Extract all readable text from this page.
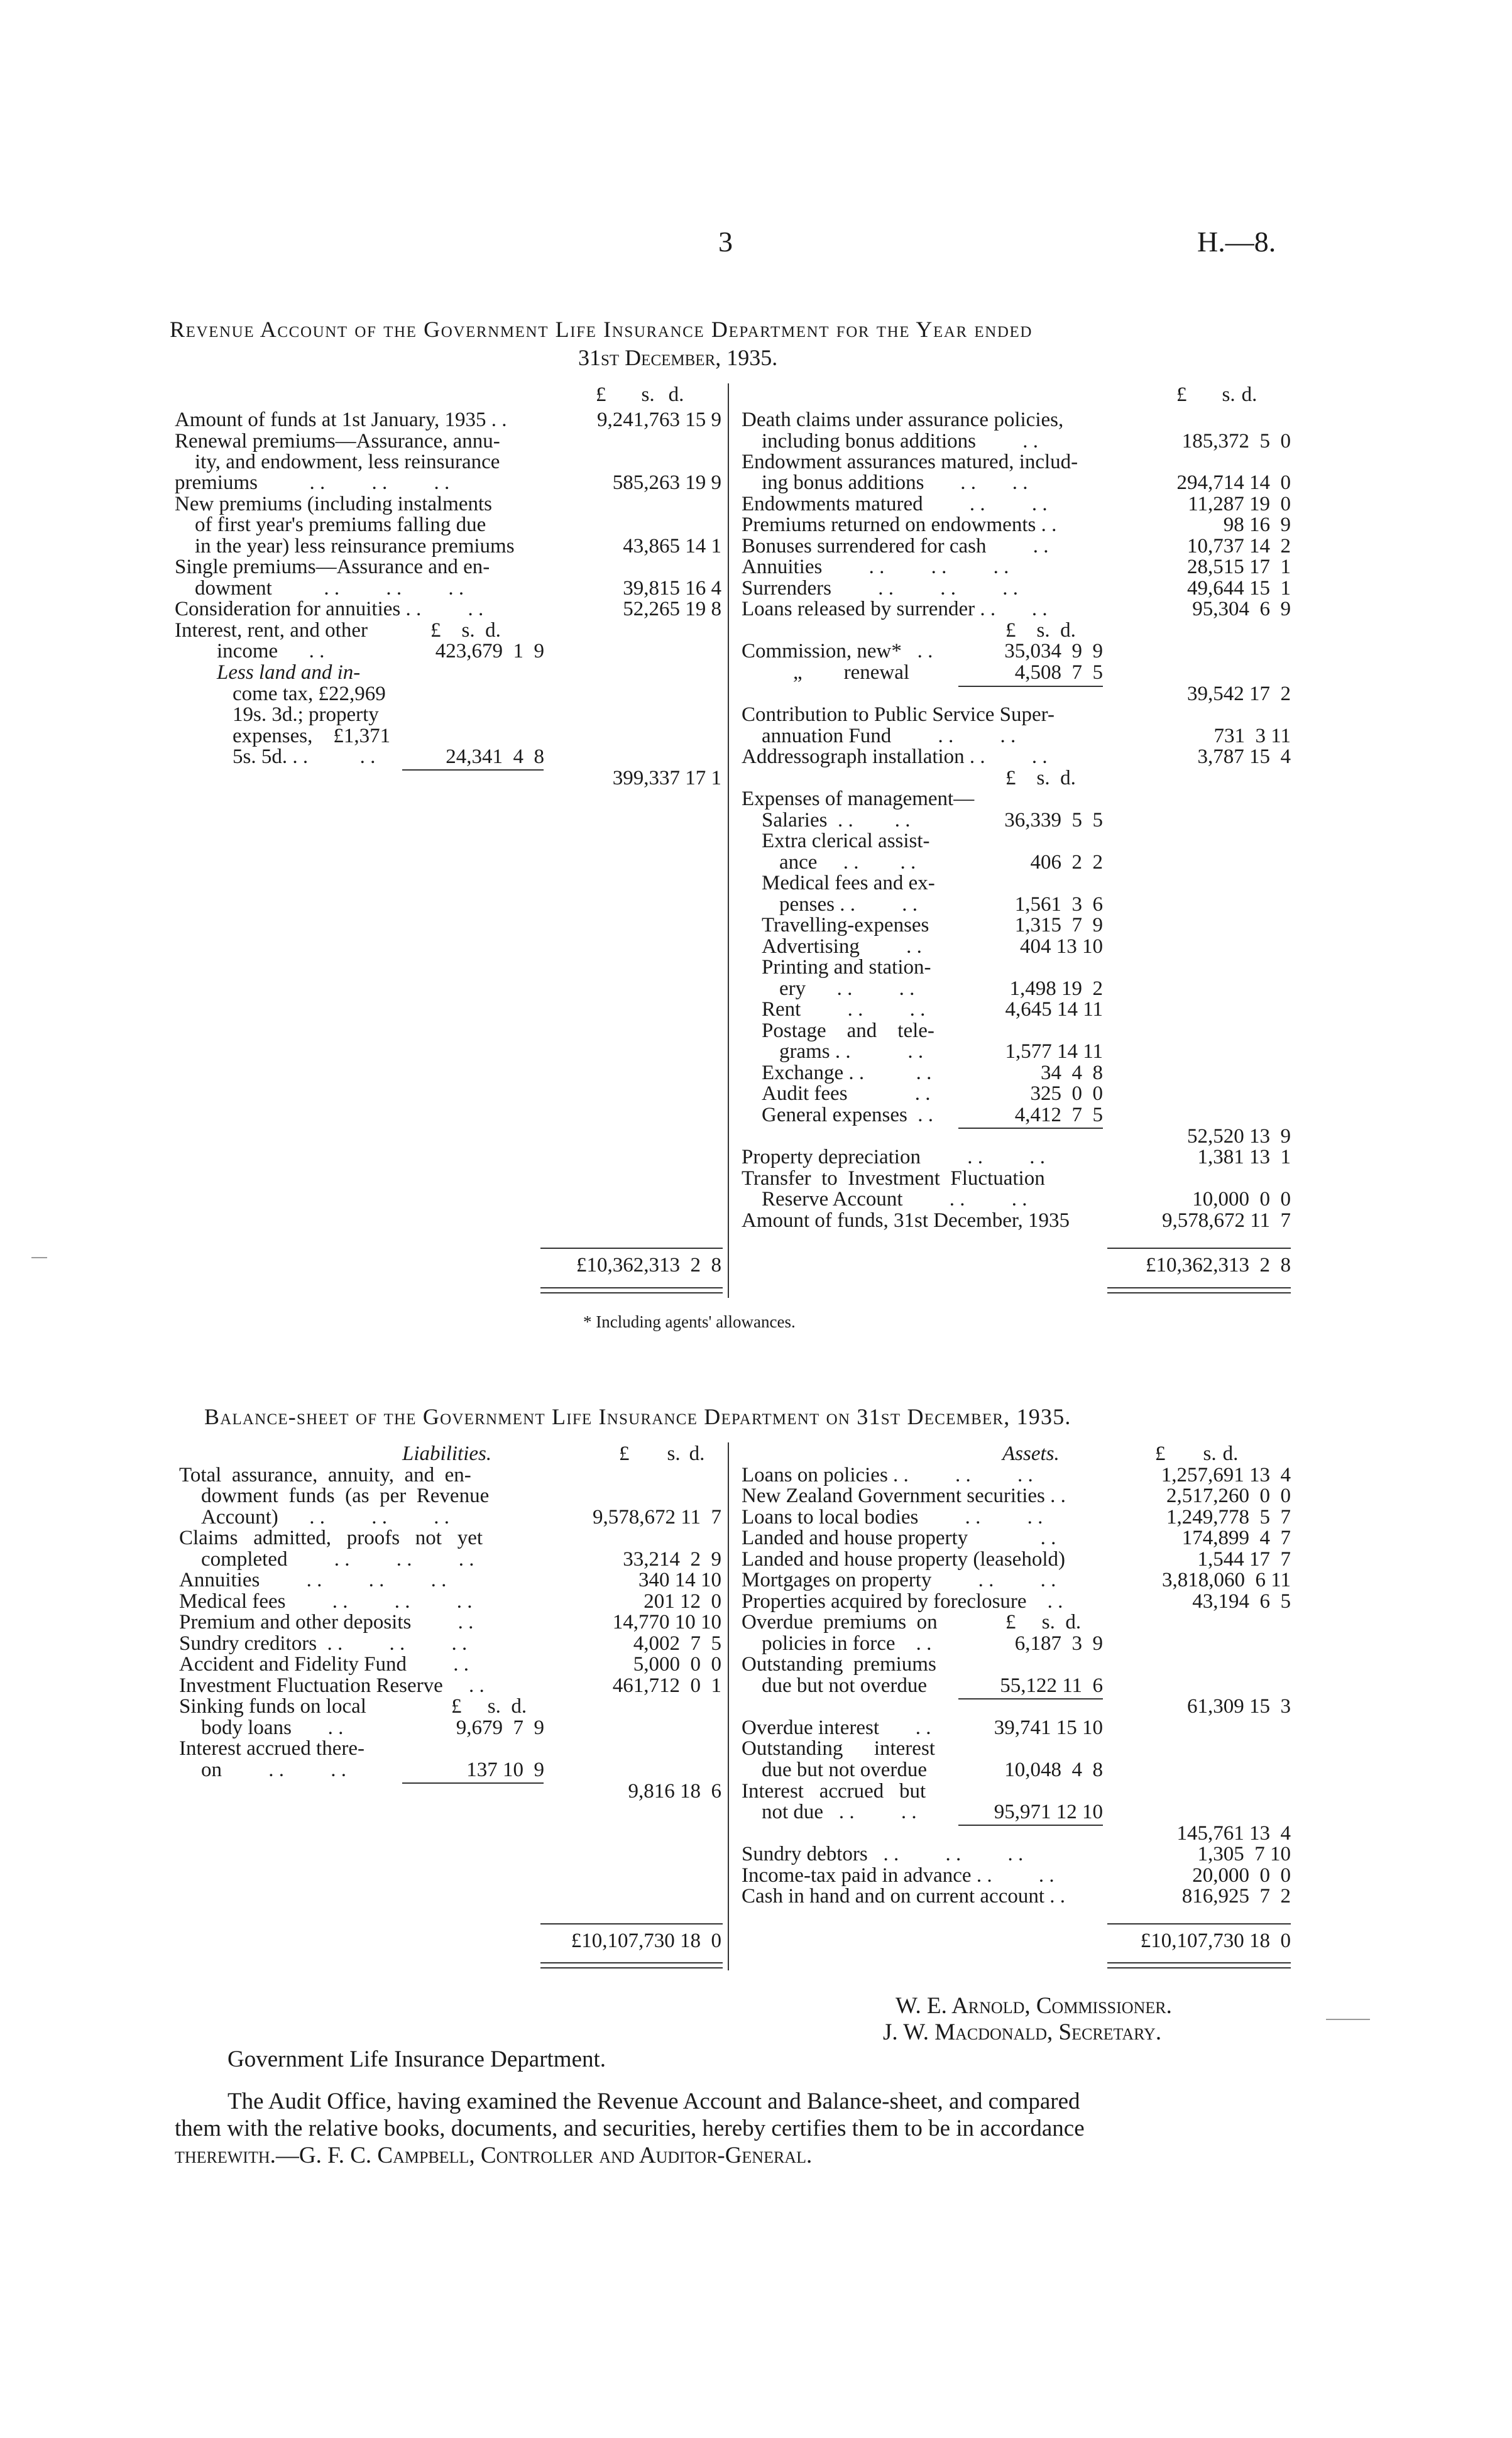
3	H.—8.
Revenue Account of the Government Life Insurance Department for the Year ended
31st December, 1935.
£ s. d.
Amount of funds at 1st January, 1935 . .	9,241,763 15 9
Renewal premiums—Assurance, annu-
ity, and endowment, less reinsurance
premiums          . .         . .         . .	585,263 19 9
New premiums (including instalments
of first year's premiums falling due
in the year) less reinsurance premiums	43,865 14 1
Single premiums—Assurance and en-
dowment          . .         . .         . .	39,815 16 4
Consideration for annuities . .         . .	52,265 19 8
Interest, rent, and other	£    s.  d.
income      . .	423,679  1  9
Less land and in-
come tax, £22,969
19s. 3d.; property
expenses,    £1,371
5s. 5d. . .          . .	24,341  4  8
399,337 17 1
£10,362,313  2  8
£ s. d.
Death claims under assurance policies,
including bonus additions         . .	185,372  5  0
Endowment assurances matured, includ-
ing bonus additions       . .       . .	294,714 14  0
Endowments matured         . .         . .	11,287 19  0
Premiums returned on endowments . .	98 16  9
Bonuses surrendered for cash         . .	10,737 14  2
Annuities         . .         . .         . .	28,515 17  1
Surrenders         . .         . .         . .	49,644 15  1
Loans released by surrender . .       . .	95,304  6  9
£    s.  d.
Commission, new*   . .	35,034  9  9
„        renewal	4,508  7  5
39,542 17  2
Contribution to Public Service Super-
annuation Fund         . .         . .	731  3 11
Addressograph installation . .         . .	3,787 15  4
£    s.  d.
Expenses of management—
Salaries  . .        . .	36,339  5  5
Extra clerical assist-
ance     . .        . .	406  2  2
Medical fees and ex-
penses . .         . .	1,561  3  6
Travelling-expenses	1,315  7  9
Advertising         . .	404 13 10
Printing and station-
ery      . .         . .	1,498 19  2
Rent         . .         . .	4,645 14 11
Postage    and    tele-
grams . .           . .	1,577 14 11
Exchange . .          . .	34  4  8
Audit fees             . .	325  0  0
General expenses  . .	4,412  7  5
52,520 13  9
Property depreciation         . .         . .	1,381 13  1
Transfer  to  Investment  Fluctuation
Reserve Account         . .         . .	10,000  0  0
Amount of funds, 31st December, 1935	9,578,672 11  7
£10,362,313  2  8
* Including agents' allowances.
Balance-sheet of the Government Life Insurance Department on 31st December, 1935.
Liabilities.	£ s. d.	Assets.	£ s. d.
Total  assurance,  annuity,  and  en-
dowment  funds  (as  per  Revenue
Account)      . .         . .         . .	9,578,672 11  7
Claims   admitted,   proofs   not   yet
completed         . .         . .         . .	33,214  2  9
Annuities         . .         . .         . .	340 14 10
Medical fees         . .         . .         . .	201 12  0
Premium and other deposits         . .	14,770 10 10
Sundry creditors  . .         . .         . .	4,002  7  5
Accident and Fidelity Fund         . .	5,000  0  0
Investment Fluctuation Reserve     . .	461,712  0  1
Sinking funds on local	£     s.  d.
body loans       . .	9,679  7  9
Interest accrued there-
on         . .         . .	137 10  9
9,816 18  6
£10,107,730 18  0
Loans on policies . .         . .         . .	1,257,691 13  4
New Zealand Government securities . .	2,517,260  0  0
Loans to local bodies         . .         . .	1,249,778  5  7
Landed and house property              . .	174,899  4  7
Landed and house property (leasehold)	1,544 17  7
Mortgages on property         . .         . .	3,818,060  6 11
Properties acquired by foreclosure    . .	43,194  6  5
Overdue  premiums  on	£     s.  d.
policies in force    . .	6,187  3  9
Outstanding  premiums
due but not overdue	55,122 11  6
61,309 15  3
Overdue interest       . .	39,741 15 10
Outstanding      interest
due but not overdue	10,048  4  8
Interest   accrued   but
not due   . .         . .	95,971 12 10
145,761 13  4
Sundry debtors   . .         . .         . .	1,305  7 10
Income-tax paid in advance . .         . .	20,000  0  0
Cash in hand and on current account . .	816,925  7  2
£10,107,730 18  0
W. E. Arnold, Commissioner.
J. W. Macdonald, Secretary.
Government Life Insurance Department.
The Audit Office, having examined the Revenue Account and Balance-sheet, and compared
them with the relative books, documents, and securities, hereby certifies them to be in accordance
therewith.—G. F. C. Campbell, Controller and Auditor-General.
